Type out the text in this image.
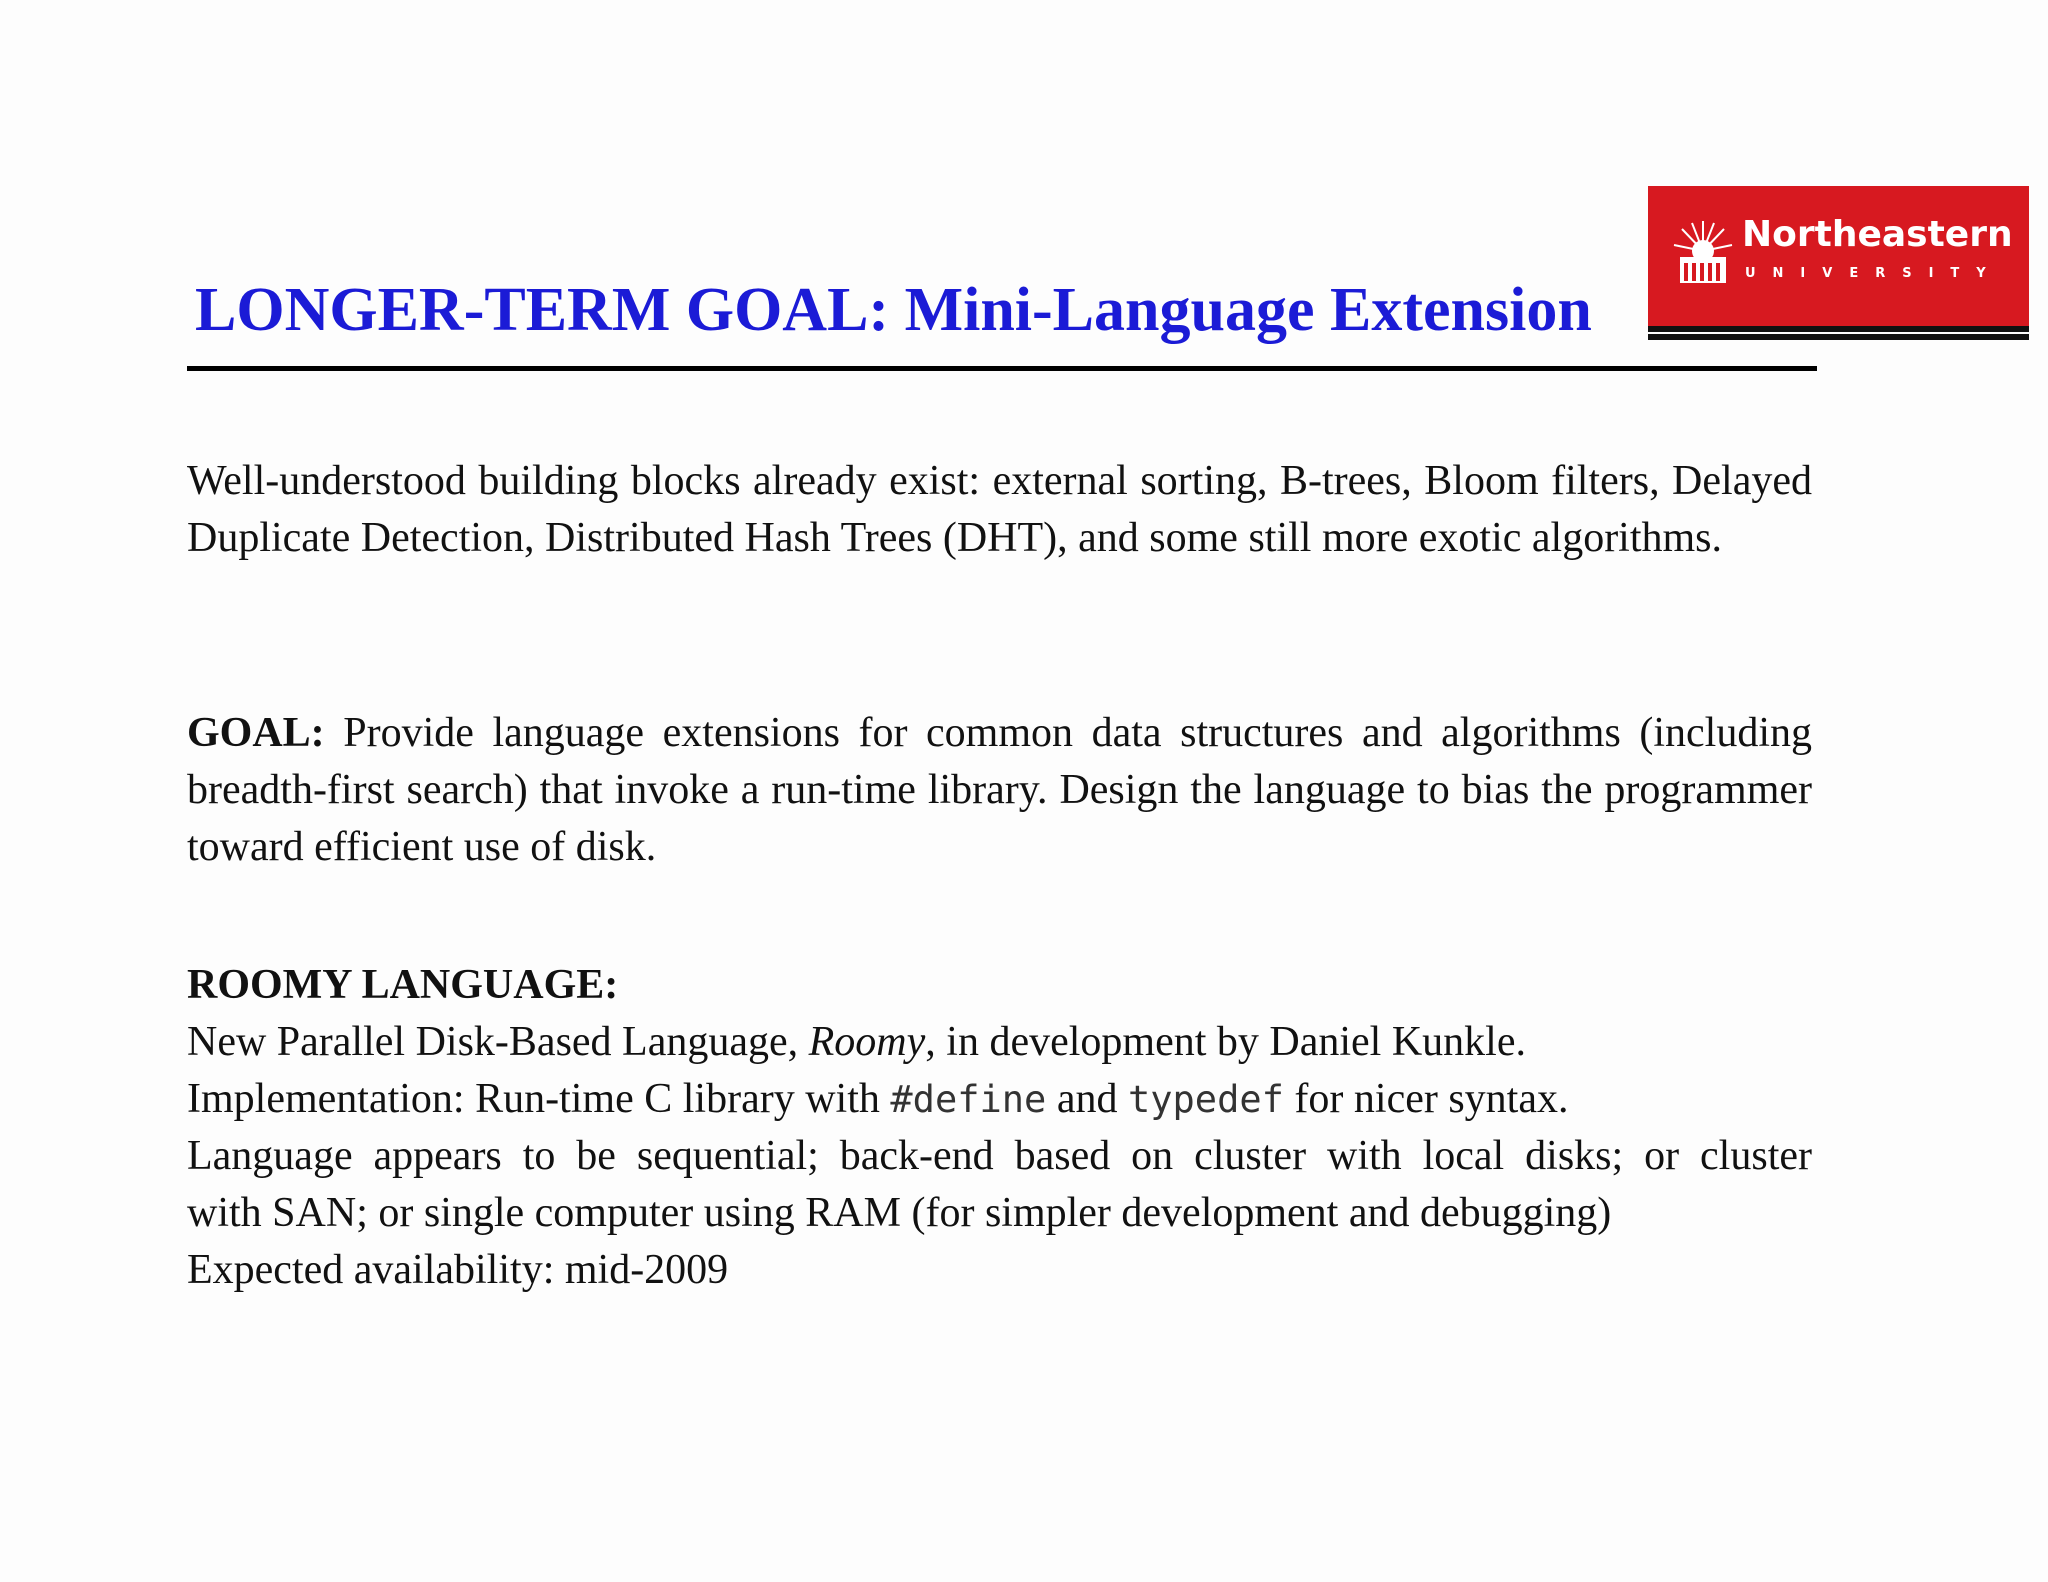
LONGER-TERM GOAL: Mini-Language Extension
Northeastern
UNIVERSITY

Well-understood building blocks already exist: external sorting, B-trees, Bloom filters, Delayed Duplicate Detection, Distributed Hash Trees (DHT), and some still more exotic algorithms.

GOAL: Provide language extensions for common data structures and algorithms (including breadth-first search) that invoke a run-time library. Design the language to bias the programmer toward efficient use of disk.

ROOMY LANGUAGE:
New Parallel Disk-Based Language, Roomy, in development by Daniel Kunkle.
Implementation: Run-time C library with #define and typedef for nicer syntax.
Language appears to be sequential; back-end based on cluster with local disks; or cluster
with SAN; or single computer using RAM (for simpler development and debugging)
Expected availability: mid-2009
